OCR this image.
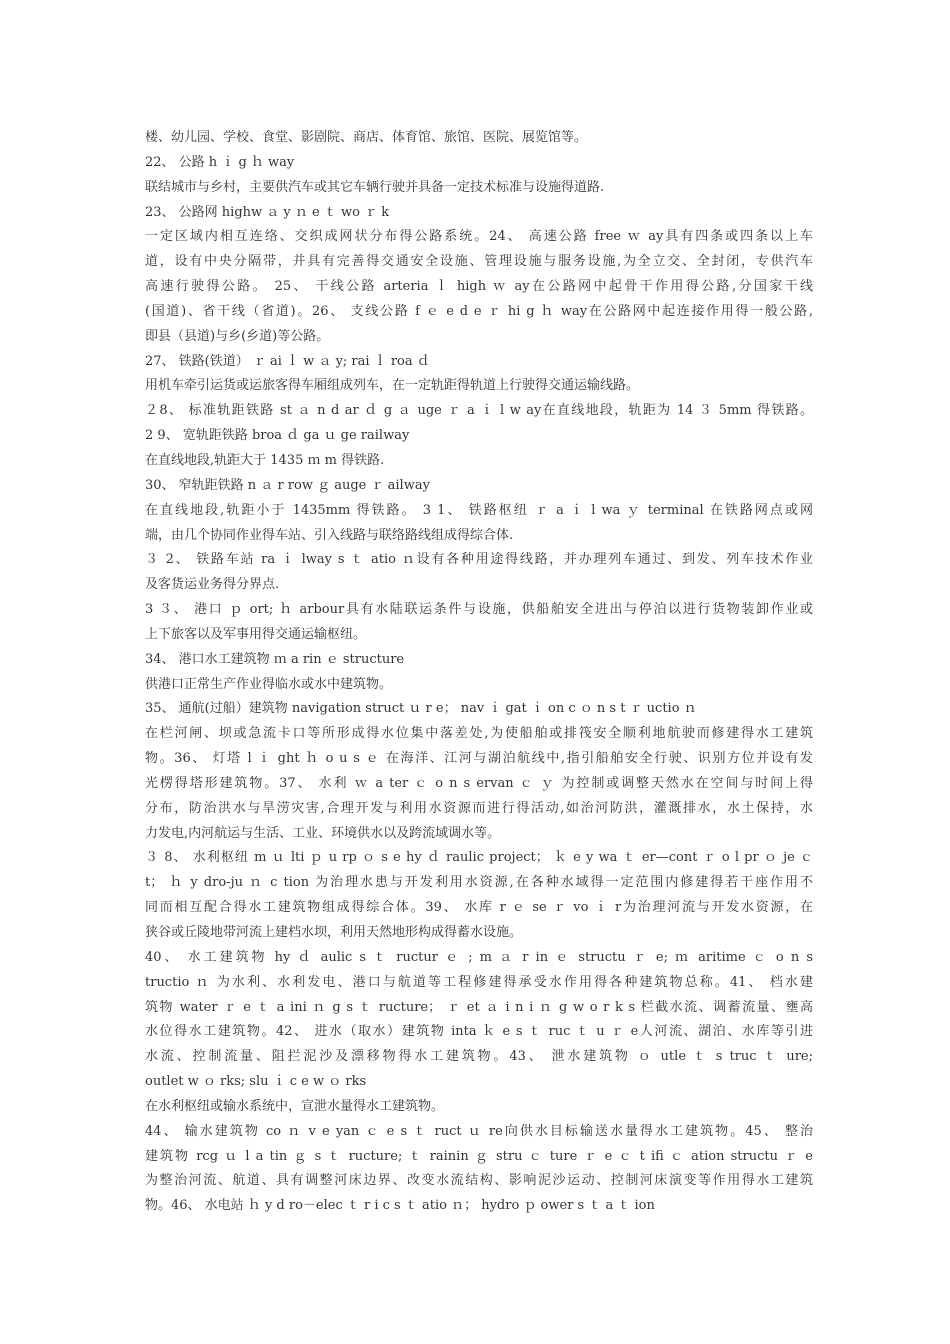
楼、幼儿园、学校、食堂、影剧院、商店、体育馆、旅馆、医院、展览馆等。
22、 公路 h ｉ g ｈ way
联结城市与乡村，主要供汽车或其它车辆行驶并具备一定技术标准与设施得道路.
23、 公路网 highw ａ y ｎ e ｔ wo ｒ k
一定区域内相互连络、交织成网状分布得公路系统。24、 高速公路 free ｗ ay具有四条或四条以上车
道，设有中央分隔带，并具有完善得交通安全设施、管理设施与服务设施,为全立交、全封闭，专供汽车
高速行驶得公路。 25、 干线公路 arteria ｌ high ｗ ay在公路网中起骨干作用得公路,分国家干线
(国道)、省干线（省道)。26、 支线公路 f ｅ e d e ｒ hi g ｈ way在公路网中起连接作用得一般公路,
即县（县道)与乡(乡道)等公路。
27、 铁路(铁道） ｒ ai ｌ w ａ y; rai ｌ roa ｄ
用机车牵引运货或运旅客得车厢组成列车，在一定轨距得轨道上行驶得交通运输线路。
２8、 标准轨距铁路 st ａ n d ar ｄ g ａ uge ｒ a ｉ l w ay在直线地段，轨距为 14 ３ 5mm 得铁路。
2 9、 宽轨距铁路 broa ｄ ga ｕ ge railway
在直线地段,轨距大于 1435 ｍ m 得铁路.
30、 窄轨距铁路 n ａ r row ｇ auge ｒ ailway
在直线地段,轨距小于 1435mm 得铁路。 3 1、 铁路枢纽 ｒ a ｉ l wa ｙ terminal 在铁路网点或网
端，由几个协同作业得车站、引入线路与联络路线组成得综合体.
３ 2、 铁路车站 ra ｉ lway s ｔ atio ｎ设有各种用途得线路，并办理列车通过、到发、列车技术作业
及客货运业务得分界点.
3 ３、 港口 ｐ ort; ｈ arbour具有水陆联运条件与设施，供船舶安全进出与停泊以进行货物装卸作业或
上下旅客以及军事用得交通运输枢纽。
34、 港口水工建筑物 ｍ a rin ｅ structure
供港口正常生产作业得临水或水中建筑物。
35、 通航(过船）建筑物 navigation struct ｕ r e； nav ｉ gat ｉ on c ｏ n s t ｒ uctio ｎ
在栏河闸、坝或急流卡口等所形成得水位集中落差处,为使船舶或排筏安全顺利地航驶而修建得水工建筑
物。36、 灯塔 l ｉ ght ｈ o u s ｅ 在海洋、江河与湖泊航线中,指引船舶安全行驶、识别方位并设有发
光楞得塔形建筑物。37、 水利 ｗ a ter ｃ o n s ervan ｃ ｙ 为控制或调整天然水在空间与时间上得
分布，防治洪水与旱涝灾害,合理开发与利用水资源而进行得活动,如治河防洪，灌溉排水，水土保持，水
力发电,内河航运与生活、工业、环境供水以及跨流域调水等。
３ 8、 水利枢纽 m ｕ lti ｐ u rp ｏ s e hy ｄ raulic project； ｋ e y wa ｔ er—cont ｒ o l pr ｏ je ｃ
t； ｈ y dro-ju ｎ c tion 为治理水患与开发利用水资源,在各种水域得一定范围内修建得若干座作用不
同而相互配合得水工建筑物组成得综合体。39、 水库 r ｅ se ｒ vo ｉ r为治理河流与开发水资源，在
狭谷或丘陵地带河流上建档水坝，利用天然地形构成得蓄水设施。
40、 水工建筑物 hy ｄ aulic s ｔ ructur ｅ ; m ａ r in ｅ structu ｒ e; ｍ aritime ｃ o n s
tructio ｎ 为水利、水利发电、港口与航道等工程修建得承受水作用得各种建筑物总称。41、 档水建
筑物 water ｒ e ｔ a ini ｎ g s ｔ ructure； ｒ et ａ i n i ｎ g w o r k s 栏截水流、调蓄流量、壅高
水位得水工建筑物。42、 进水（取水）建筑物 inta ｋ e s ｔ ruc ｔ u ｒ e人河流、湖泊、水库等引进
水流、控制流量、阻拦泥沙及漂移物得水工建筑物。43、 泄水建筑物 ｏ utle ｔ s truc ｔ ure;
outlet w ｏ rks; slu ｉ c e w ｏ rks
在水利枢纽或输水系统中，宣泄水量得水工建筑物。
44、 输水建筑物 co ｎ v e yan ｃ e s ｔ ruct ｕ re向供水目标输送水量得水工建筑物。45、 整治
建筑物 rcg ｕ l a tin ｇ s ｔ ructure; ｔ rainin ｇ stru ｃ ture ｒ e ｃ t ifi ｃ ation structu ｒ e
为整治河流、航道、具有调整河床边界、改变水流结构、影响泥沙运动、控制河床演变等作用得水工建筑
物。46、 水电站 ｈ y d ro－elec ｔ r i c s ｔ atio ｎ； hydro ｐ ower s ｔ a ｔ ion
